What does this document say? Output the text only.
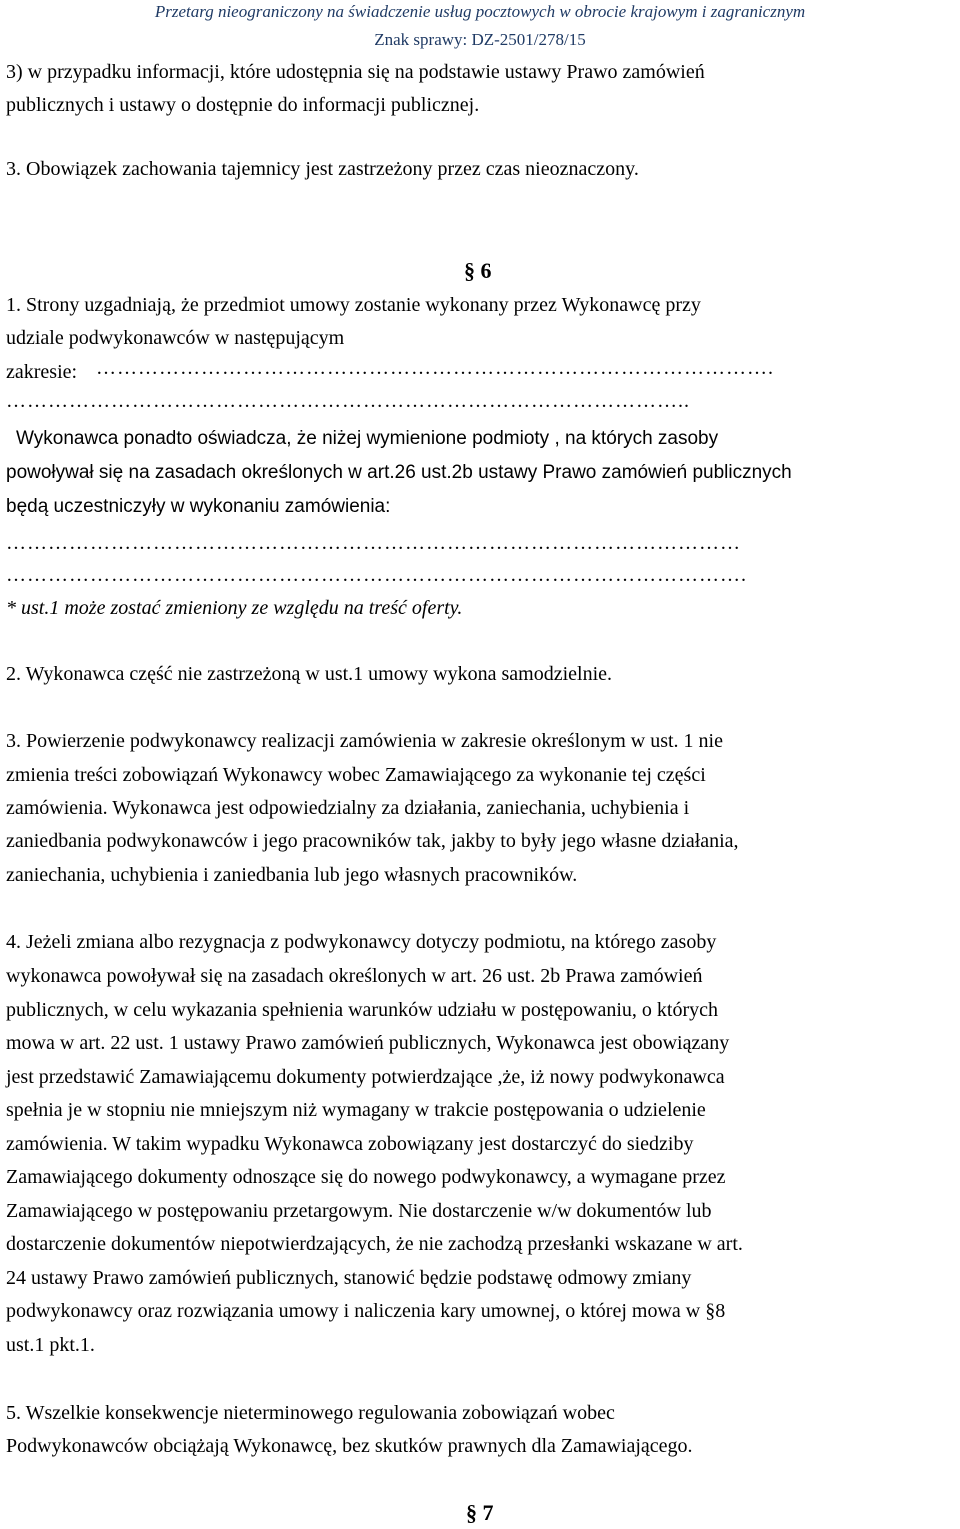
Przetarg nieograniczony na świadczenie usług pocztowych w obrocie krajowym i zagranicznym
Znak sprawy: DZ-2501/278/15
3) w przypadku informacji, które udostępnia się na podstawie ustawy Prawo zamówień
publicznych i ustawy o dostępnie do informacji publicznej.
3. Obowiązek zachowania tajemnicy jest zastrzeżony przez czas nieoznaczony.
§ 6
1. Strony uzgadniają, że przedmiot umowy zostanie wykonany przez Wykonawcę przy
udziale podwykonawców w następującym
zakresie: …………………………………………………………………………………….
……………………………………………………………………………………..
Wykonawca ponadto oświadcza, że niżej wymienione podmioty , na których zasoby
powoływał się na zasadach określonych w art.26 ust.2b ustawy Prawo zamówień publicznych
będą uczestniczyły w wykonaniu zamówienia:
……………………………………………………………………………………………
…………………………………………………………………………………………….
* ust.1 może zostać zmieniony ze względu na treść oferty.
2. Wykonawca część nie zastrzeżoną w ust.1 umowy wykona samodzielnie.
3. Powierzenie podwykonawcy realizacji zamówienia w zakresie określonym w ust. 1 nie
zmienia treści zobowiązań Wykonawcy wobec Zamawiającego za wykonanie tej części
zamówienia. Wykonawca jest odpowiedzialny za działania, zaniechania, uchybienia i
zaniedbania podwykonawców i jego pracowników tak, jakby to były jego własne działania,
zaniechania, uchybienia i zaniedbania lub jego własnych pracowników.
4. Jeżeli zmiana albo rezygnacja z podwykonawcy dotyczy podmiotu, na którego zasoby
wykonawca powoływał się na zasadach określonych w art. 26 ust. 2b Prawa zamówień
publicznych, w celu wykazania spełnienia warunków udziału w postępowaniu, o których
mowa w art. 22 ust. 1 ustawy Prawo zamówień publicznych, Wykonawca jest obowiązany
jest przedstawić Zamawiającemu dokumenty potwierdzające ,że, iż nowy podwykonawca
spełnia je w stopniu nie mniejszym niż wymagany w trakcie postępowania o udzielenie
zamówienia. W takim wypadku Wykonawca zobowiązany jest dostarczyć do siedziby
Zamawiającego dokumenty odnoszące się do nowego podwykonawcy, a wymagane przez
Zamawiającego w postępowaniu przetargowym. Nie dostarczenie w/w dokumentów lub
dostarczenie dokumentów niepotwierdzających, że nie zachodzą przesłanki wskazane w art.
24 ustawy Prawo zamówień publicznych, stanowić będzie podstawę odmowy zmiany
podwykonawcy oraz rozwiązania umowy i naliczenia kary umownej, o której mowa w §8
ust.1 pkt.1.
5. Wszelkie konsekwencje nieterminowego regulowania zobowiązań wobec
Podwykonawców obciążają Wykonawcę, bez skutków prawnych dla Zamawiającego.
§ 7
